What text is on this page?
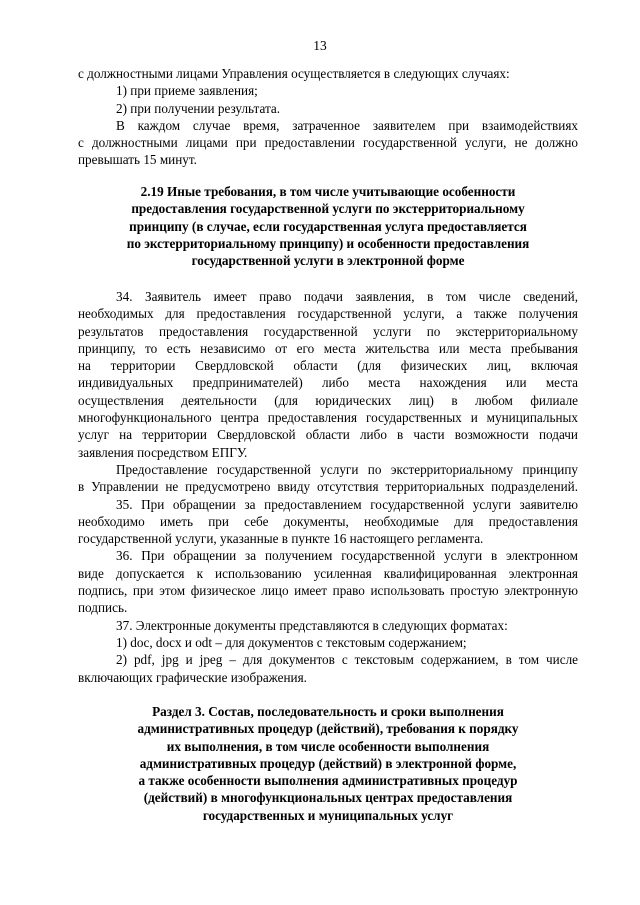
13
с должностными лицами Управления осуществляется в следующих случаях:
1) при приеме заявления;
2) при получении результата.
В каждом случае время, затраченное заявителем при взаимодействиях
с должностными лицами при предоставлении государственной услуги, не должно
превышать 15 минут.
2.19 Иные требования, в том числе учитывающие особенности
предоставления государственной услуги по экстерриториальному
принципу (в случае, если государственная услуга предоставляется
по экстерриториальному принципу) и особенности предоставления
государственной услуги в электронной форме
34. Заявитель имеет право подачи заявления, в том числе сведений,
необходимых для предоставления государственной услуги, а также получения
результатов предоставления государственной услуги по экстерриториальному
принципу, то есть независимо от его места жительства или места пребывания
на территории Свердловской области (для физических лиц, включая
индивидуальных предпринимателей) либо места нахождения или места
осуществления деятельности (для юридических лиц) в любом филиале
многофункционального центра предоставления государственных и муниципальных
услуг на территории Свердловской области либо в части возможности подачи
заявления посредством ЕПГУ.
Предоставление государственной услуги по экстерриториальному принципу
в Управлении не предусмотрено ввиду отсутствия территориальных подразделений.
35. При обращении за предоставлением государственной услуги заявителю
необходимо иметь при себе документы, необходимые для предоставления
государственной услуги, указанные в пункте 16 настоящего регламента.
36. При обращении за получением государственной услуги в электронном
виде допускается к использованию усиленная квалифицированная электронная
подпись, при этом физическое лицо имеет право использовать простую электронную
подпись.
37. Электронные документы представляются в следующих форматах:
1) doc, docx и odt – для документов с текстовым содержанием;
2) pdf, jpg и jpeg – для документов с текстовым содержанием, в том числе
включающих графические изображения.
Раздел 3. Состав, последовательность и сроки выполнения
административных процедур (действий), требования к порядку
их выполнения, в том числе особенности выполнения
административных процедур (действий) в электронной форме,
а также особенности выполнения административных процедур
(действий) в многофункциональных центрах предоставления
государственных и муниципальных услуг
